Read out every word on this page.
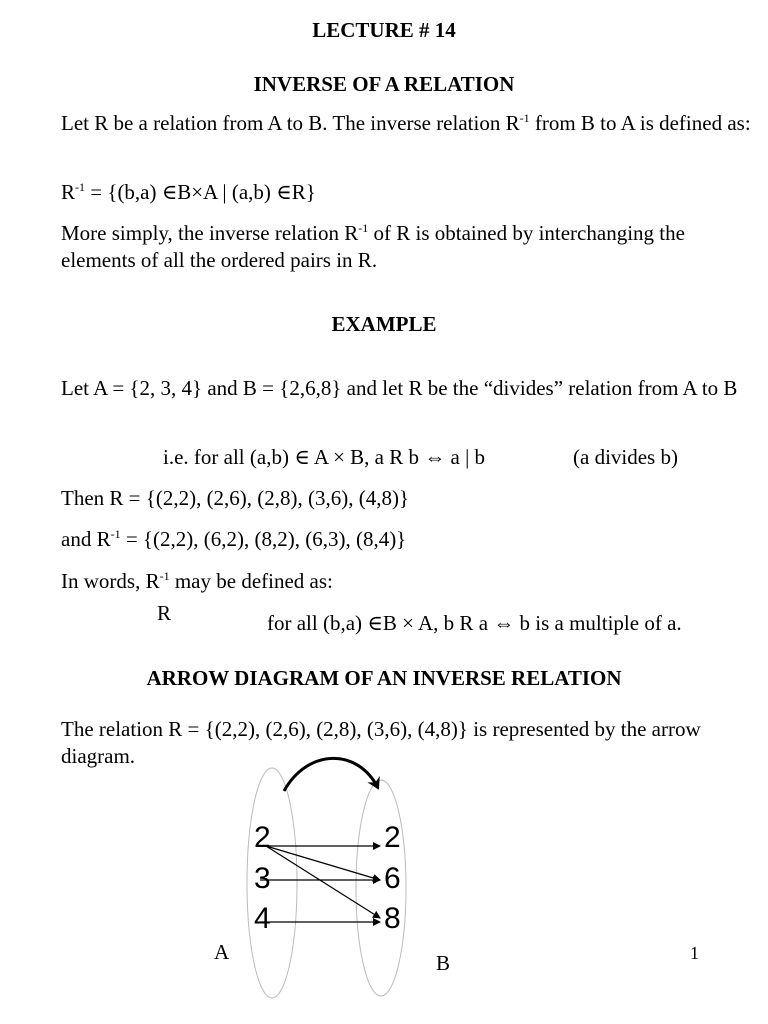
LECTURE # 14
INVERSE OF A RELATION
Let R be a relation from A to B. The inverse relation $R^{-1}$ from B to A is defined as:
$R^{-1} = \{(b,a)$ ∈B×A | (a,b) ∈R}
More simply, the inverse relation $R^{-1}$ of R is obtained by interchanging the elements of all the ordered pairs in R.
EXAMPLE
Let A = {2, 3, 4} and B = {2,6,8} and let R be the “divides” relation from A to B
i.e. for all (a,b) ∈ A × B, a R b ⇔ a | b	(a divides b)
Then R = {(2,2), (2,6), (2,8), (3,6), (4,8)}
and $R^{-1} = \{(2,2)$, (6,2), (8,2), (6,3), (8,4)}
In words, $R^{-1}$ may be defined as:
R	for all (b,a) ∈B × A, b R a ⇔ b is a multiple of a.
ARROW DIAGRAM OF AN INVERSE RELATION
The relation R = {(2,2), (2,6), (2,8), (3,6), (4,8)} is represented by the arrow diagram.
2
3
4
2
6
8
A	B	1
